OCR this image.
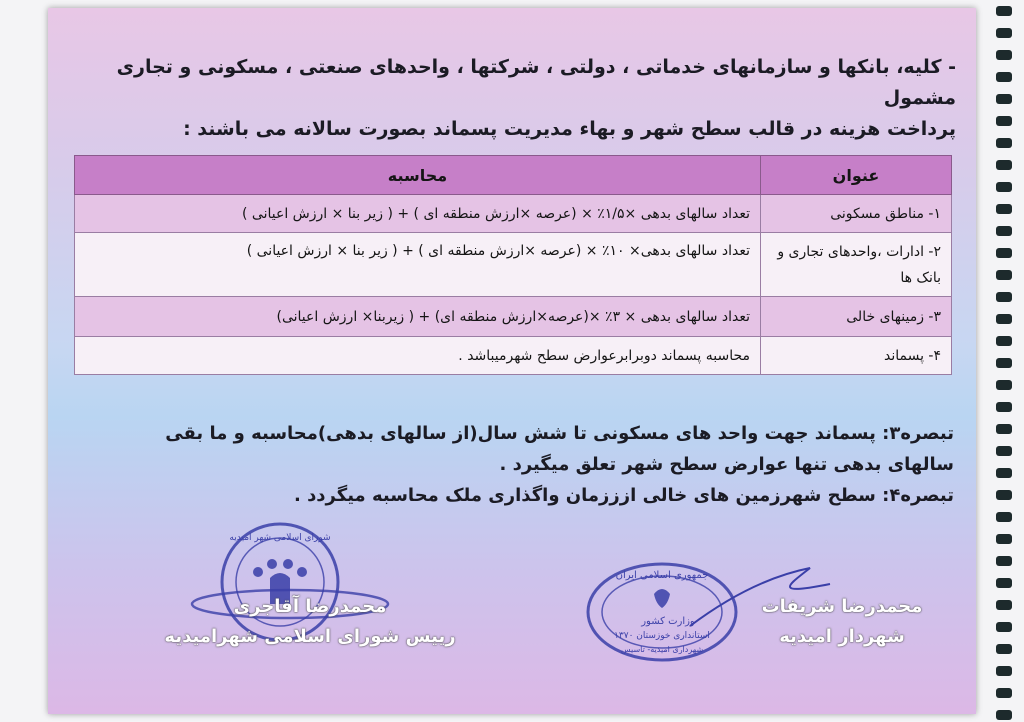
- کلیه، بانکها و سازمانهای خدماتی ، دولتی ، شرکتها ، واحدهای صنعتی ، مسکونی و تجاری مشمول
پرداخت هزینه در قالب سطح شهر و بهاء مدیریت پسماند بصورت سالانه می باشند :
عنوان	محاسبه
۱- مناطق مسکونی	تعداد سالهای بدهی ×۱/۵٪ × (عرصه ×ارزش منطقه ای ) + ( زیر بنا × ارزش اعیانی )
۲- ادارات ،واحدهای تجاری و بانک ها	تعداد سالهای بدهی× ۱۰٪ × (عرصه ×ارزش منطقه ای ) + ( زیر بنا × ارزش اعیانی )
۳- زمینهای خالی	تعداد سالهای بدهی × ۳٪ ×(عرصه×ارزش منطقه ای) + ( زیربنا× ارزش اعیانی)
۴- پسماند	محاسبه پسماند دوبرابرعوارض سطح شهرمیباشد .
تبصره۳: پسماند جهت واحد های مسکونی تا شش سال(از سالهای بدهی)محاسبه و ما بقی سالهای بدهی تنها عوارض سطح شهر تعلق میگیرد .
تبصره۴: سطح شهرزمین های خالی ازززمان واگذاری ملک محاسبه میگردد .
شورای اسلامی شهر امیدیه
جمهوری اسلامی ایران
وزارت کشور
استانداری خوزستان ۱۳۷۰
شهرداری امیدیه- تاسیس
محمدرضا آقاجری
رییس شورای اسلامی شهرامیدیه
محمدرضا شریفات
شهردار امیدیه
